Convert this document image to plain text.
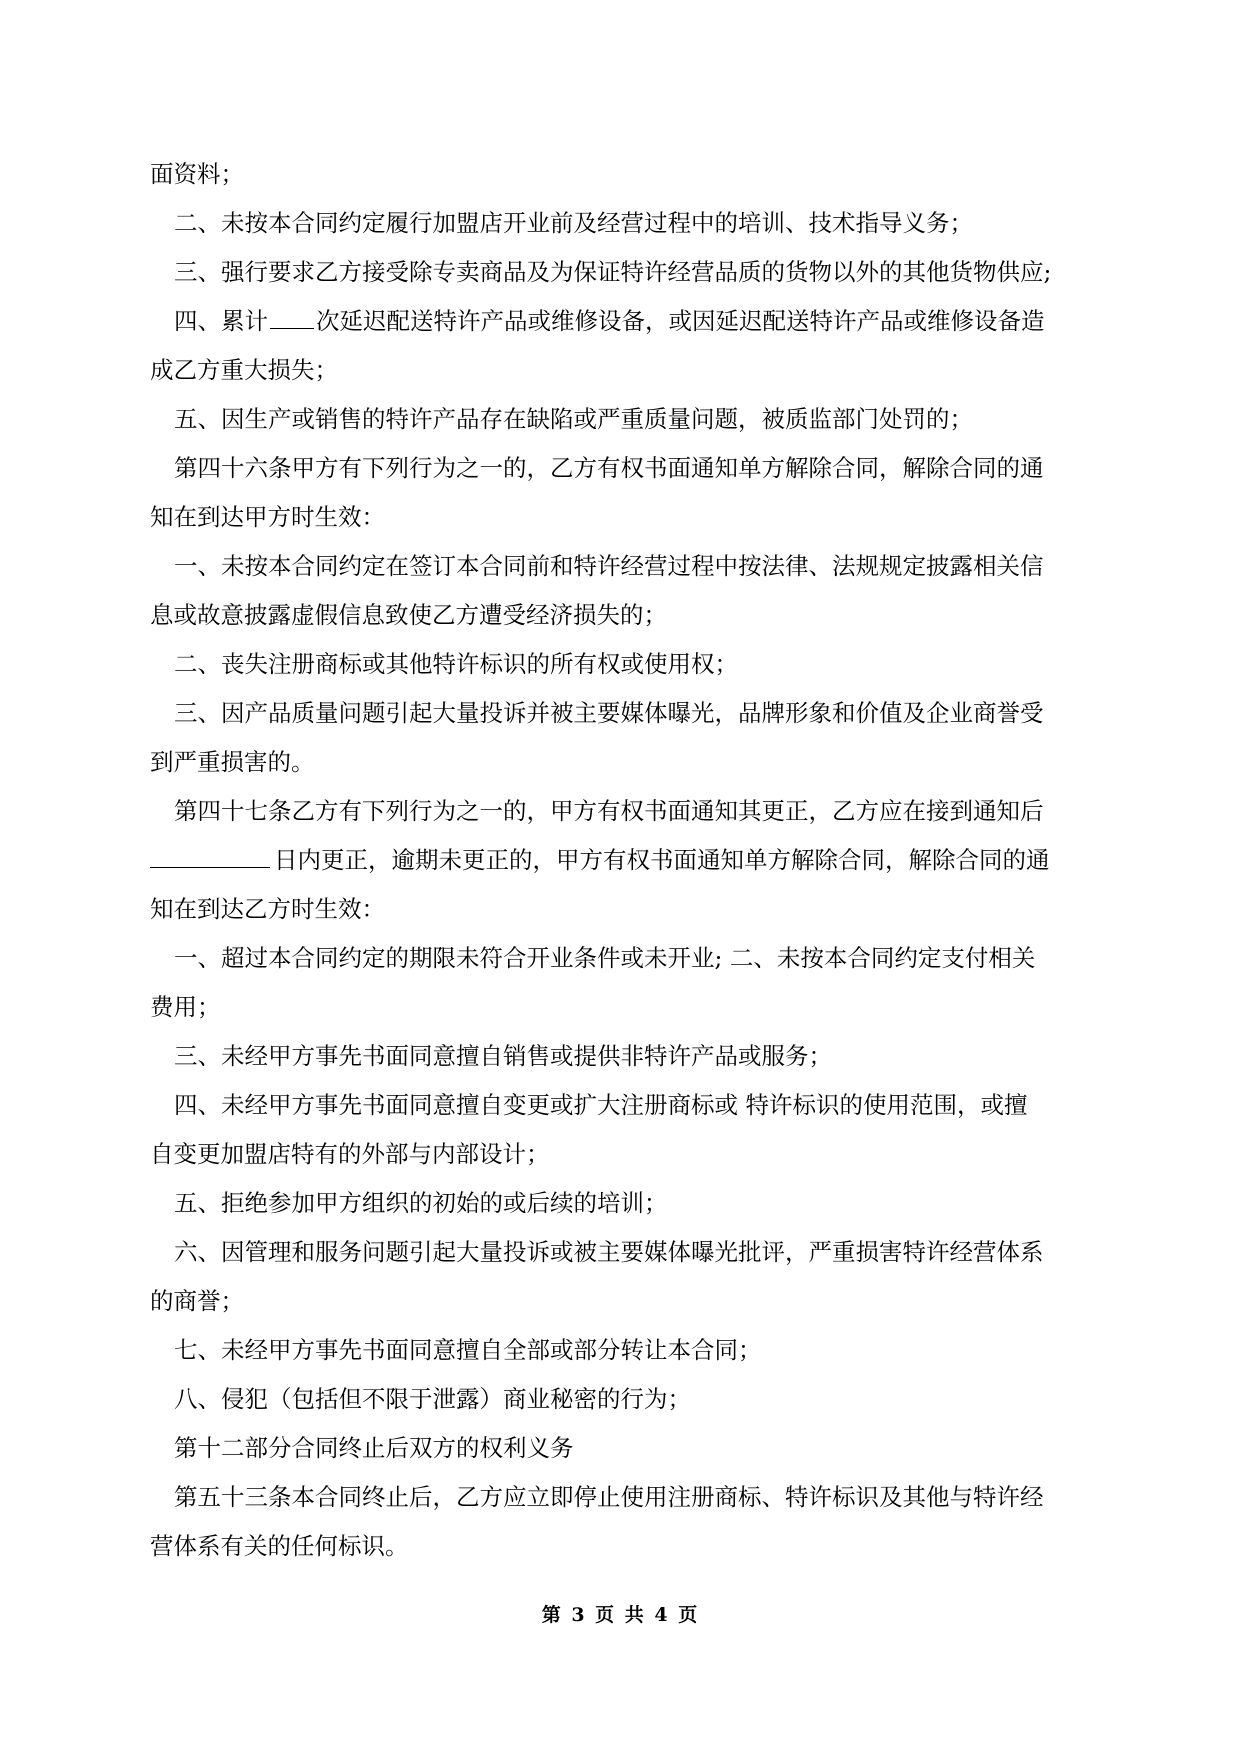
面资料；
二、未按本合同约定履行加盟店开业前及经营过程中的培训、技术指导义务；
三、强行要求乙方接受除专卖商品及为保证特许经营品质的货物以外的其他货物供应;
四、累计 次延迟配送特许产品或维修设备，或因延迟配送特许产品或维修设备造
成乙方重大损失；
五、因生产或销售的特许产品存在缺陷或严重质量问题，被质监部门处罚的；
第四十六条甲方有下列行为之一的，乙方有权书面通知单方解除合同，解除合同的通
知在到达甲方时生效：
一、未按本合同约定在签订本合同前和特许经营过程中按法律、法规规定披露相关信
息或故意披露虚假信息致使乙方遭受经济损失的；
二、丧失注册商标或其他特许标识的所有权或使用权；
三、因产品质量问题引起大量投诉并被主要媒体曝光，品牌形象和价值及企业商誉受
到严重损害的。
第四十七条乙方有下列行为之一的，甲方有权书面通知其更正，乙方应在接到通知后
日内更正，逾期未更正的，甲方有权书面通知单方解除合同，解除合同的通
知在到达乙方时生效：
一、超过本合同约定的期限未符合开业条件或未开业; 二、未按本合同约定支付相关
费用；
三、未经甲方事先书面同意擅自销售或提供非特许产品或服务；
四、未经甲方事先书面同意擅自变更或扩大注册商标或 特许标识的使用范围，或擅
自变更加盟店特有的外部与内部设计；
五、拒绝参加甲方组织的初始的或后续的培训；
六、因管理和服务问题引起大量投诉或被主要媒体曝光批评，严重损害特许经营体系
的商誉；
七、未经甲方事先书面同意擅自全部或部分转让本合同；
八、侵犯（包括但不限于泄露）商业秘密的行为；
第十二部分合同终止后双方的权利义务
第五十三条本合同终止后，乙方应立即停止使用注册商标、特许标识及其他与特许经
营体系有关的任何标识。
第 3 页 共 4 页
